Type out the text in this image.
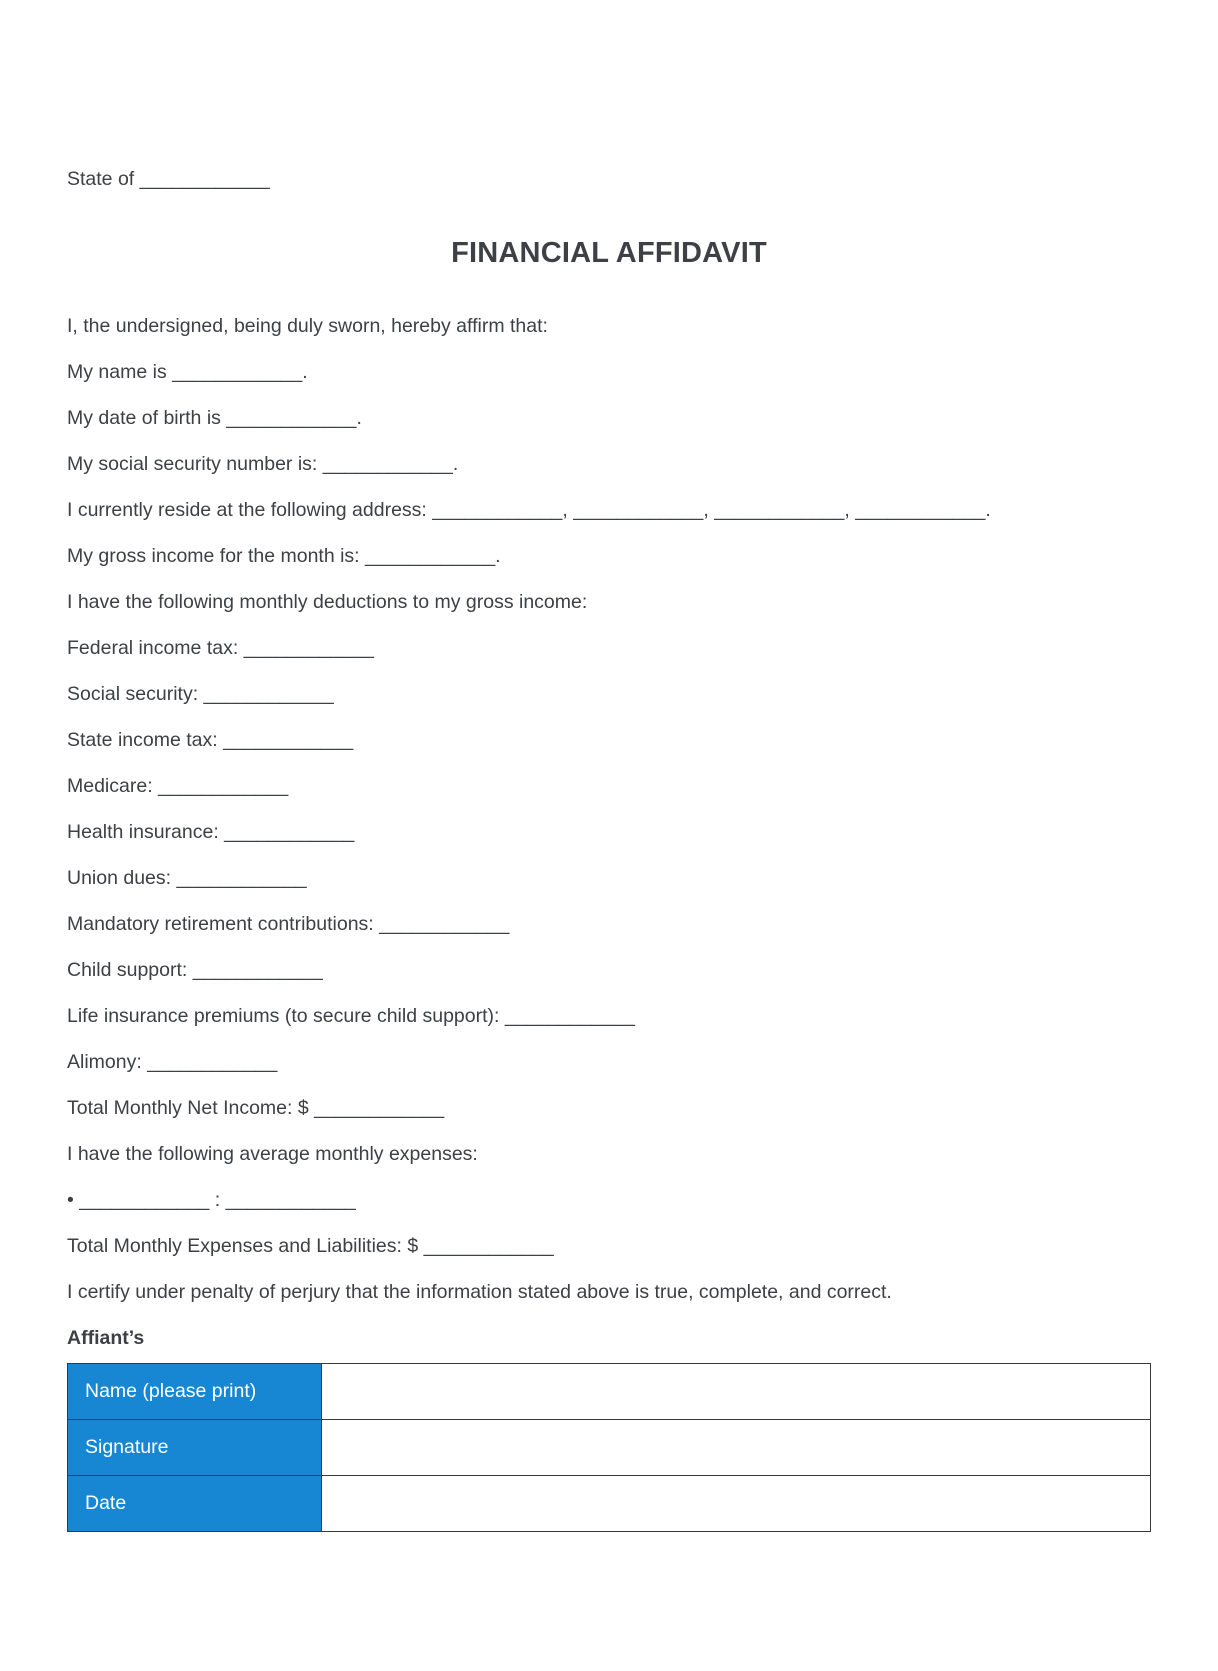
State of ____________

FINANCIAL AFFIDAVIT

I, the undersigned, being duly sworn, hereby affirm that:

My name is ____________.

My date of birth is ____________.

My social security number is: ____________.

I currently reside at the following address: ____________, ____________, ____________, ____________.

My gross income for the month is: ____________.

I have the following monthly deductions to my gross income:

Federal income tax: ____________

Social security: ____________

State income tax: ____________

Medicare: ____________

Health insurance: ____________

Union dues: ____________

Mandatory retirement contributions: ____________

Child support: ____________

Life insurance premiums (to secure child support): ____________

Alimony: ____________

Total Monthly Net Income: $ ____________

I have the following average monthly expenses:

• ____________ : ____________

Total Monthly Expenses and Liabilities: $ ____________

I certify under penalty of perjury that the information stated above is true, complete, and correct.

Affiant’s

Name (please print)	
Signature	
Date	
